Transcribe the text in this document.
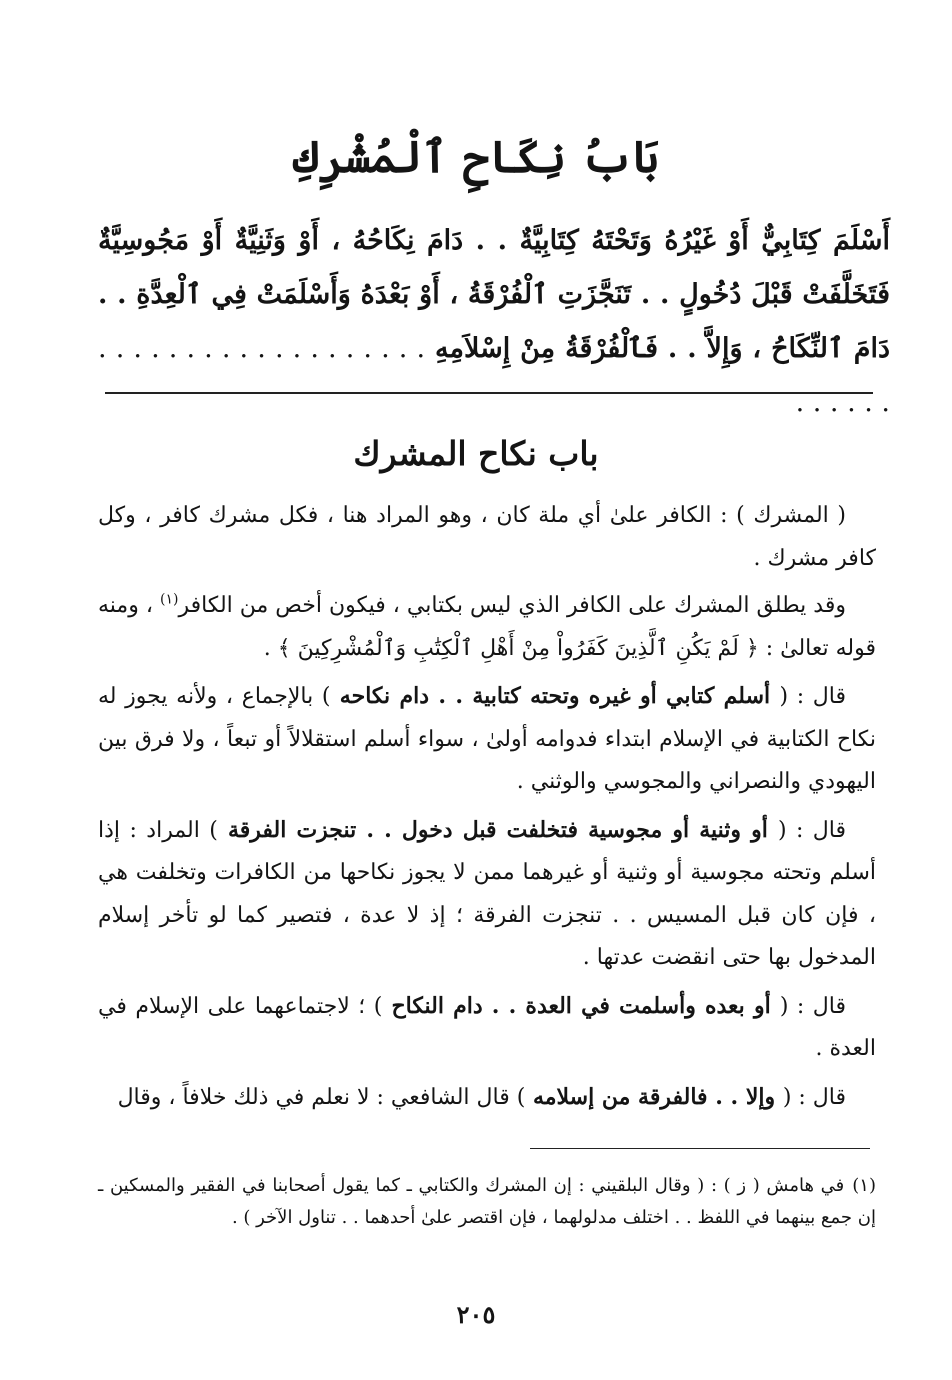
بَابُ نِكَاحِ ٱلْمُشْرِكِ

أَسْلَمَ كِتَابِيٌّ أَوْ غَيْرُهُ وَتَحْتَهُ كِتَابِيَّةٌ . . دَامَ نِكَاحُهُ ، أَوْ وَثَنِيَّةٌ أَوْ مَجُوسِيَّةٌ فَتَخَلَّفَتْ قَبْلَ دُخُولٍ . . تَنَجَّزَتِ ٱلْفُرْقَةُ ، أَوْ بَعْدَهُ وَأَسْلَمَتْ فِي ٱلْعِدَّةِ . . دَامَ ٱلنِّكَاحُ ، وَإِلاَّ . . فَٱلْفُرْقَةُ مِنْ إِسْلاَمِهِ . . . . . . . . . . . . . . . . . . . . . . . . .

باب نكاح المشرك

( المشرك ) : الكافر علىٰ أي ملة كان ، وهو المراد هنا ، فكل مشرك كافر ، وكل كافر مشرك .

وقد يطلق المشرك على الكافر الذي ليس بكتابي ، فيكون أخص من الكافر$^{(١)}$ ، ومنه قوله تعالىٰ : ﴿ لَمْ يَكُنِ ٱلَّذِينَ كَفَرُواْ مِنْ أَهْلِ ٱلْكِتَٰبِ وَٱلْمُشْرِكِينَ ﴾ .

قال : ( أسلم كتابي أو غيره وتحته كتابية . . دام نكاحه ) بالإجماع ، ولأنه يجوز له نكاح الكتابية في الإسلام ابتداء فدوامه أولىٰ ، سواء أسلم استقلالاً أو تبعاً ، ولا فرق بين اليهودي والنصراني والمجوسي والوثني .

قال : ( أو وثنية أو مجوسية فتخلفت قبل دخول . . تنجزت الفرقة ) المراد : إذا أسلم وتحته مجوسية أو وثنية أو غيرهما ممن لا يجوز نكاحها من الكافرات وتخلفت هي ، فإن كان قبل المسيس . . تنجزت الفرقة ؛ إذ لا عدة ، فتصير كما لو تأخر إسلام المدخول بها حتى انقضت عدتها .

قال : ( أو بعده وأسلمت في العدة . . دام النكاح ) ؛ لاجتماعهما على الإسلام في العدة .

قال : ( وإلا . . فالفرقة من إسلامه ) قال الشافعي : لا نعلم في ذلك خلافاً ، وقال

(١)في هامش ( ز ) : ( وقال البلقيني : إن المشرك والكتابي ـ كما يقول أصحابنا في الفقير والمسكين ـ إن جمع بينهما في اللفظ . . اختلف مدلولهما ، فإن اقتصر علىٰ أحدهما . . تناول الآخر ) .
٢٠٥
